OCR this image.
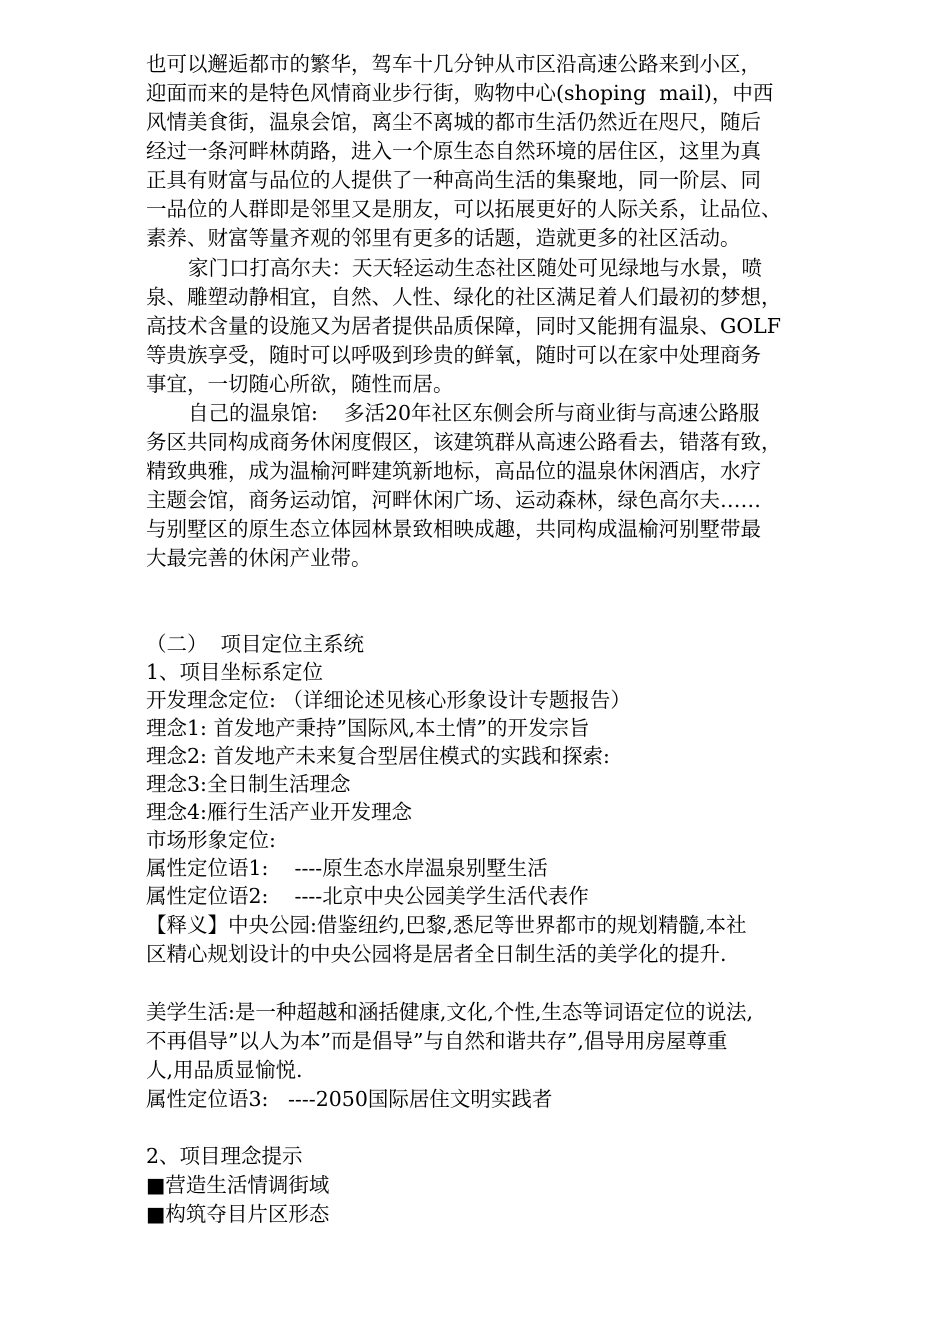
也可以邂逅都市的繁华，驾车十几分钟从市区沿高速公路来到小区，
迎面而来的是特色风情商业步行街，购物中心(shoping  mail)，中西
风情美食街，温泉会馆，离尘不离城的都市生活仍然近在咫尺，随后
经过一条河畔林荫路，进入一个原生态自然环境的居住区，这里为真
正具有财富与品位的人提供了一种高尚生活的集聚地，同一阶层、同
一品位的人群即是邻里又是朋友，可以拓展更好的人际关系，让品位、
素养、财富等量齐观的邻里有更多的话题，造就更多的社区活动。
家门口打高尔夫：天天轻运动生态社区随处可见绿地与水景，喷
泉、雕塑动静相宜，自然、人性、绿化的社区满足着人们最初的梦想，
高技术含量的设施又为居者提供品质保障，同时又能拥有温泉、GOLF
等贵族享受，随时可以呼吸到珍贵的鲜氧，随时可以在家中处理商务
事宜，一切随心所欲，随性而居。
自己的温泉馆:    多活20年社区东侧会所与商业街与高速公路服
务区共同构成商务休闲度假区，该建筑群从高速公路看去，错落有致，
精致典雅，成为温榆河畔建筑新地标，高品位的温泉休闲酒店，水疗
主题会馆，商务运动馆，河畔休闲广场、运动森林，绿色高尔夫……
与别墅区的原生态立体园林景致相映成趣，共同构成温榆河别墅带最
大最完善的休闲产业带。
（二）  项目定位主系统
1、项目坐标系定位
开发理念定位: （详细论述见核心形象设计专题报告）
理念1: 首发地产秉持”国际风,本土情”的开发宗旨
理念2: 首发地产未来复合型居住模式的实践和探索:
理念3:全日制生活理念
理念4:雁行生活产业开发理念
市场形象定位:
属性定位语1:    ----原生态水岸温泉别墅生活
属性定位语2:    ----北京中央公园美学生活代表作
【释义】中央公园:借鉴纽约,巴黎,悉尼等世界都市的规划精髓,本社
区精心规划设计的中央公园将是居者全日制生活的美学化的提升.
美学生活:是一种超越和涵括健康,文化,个性,生态等词语定位的说法,
不再倡导”以人为本”而是倡导”与自然和谐共存”,倡导用房屋尊重
人,用品质显愉悦.
属性定位语3:   ----2050国际居住文明实践者
2、项目理念提示
■营造生活情调街域
■构筑夺目片区形态
